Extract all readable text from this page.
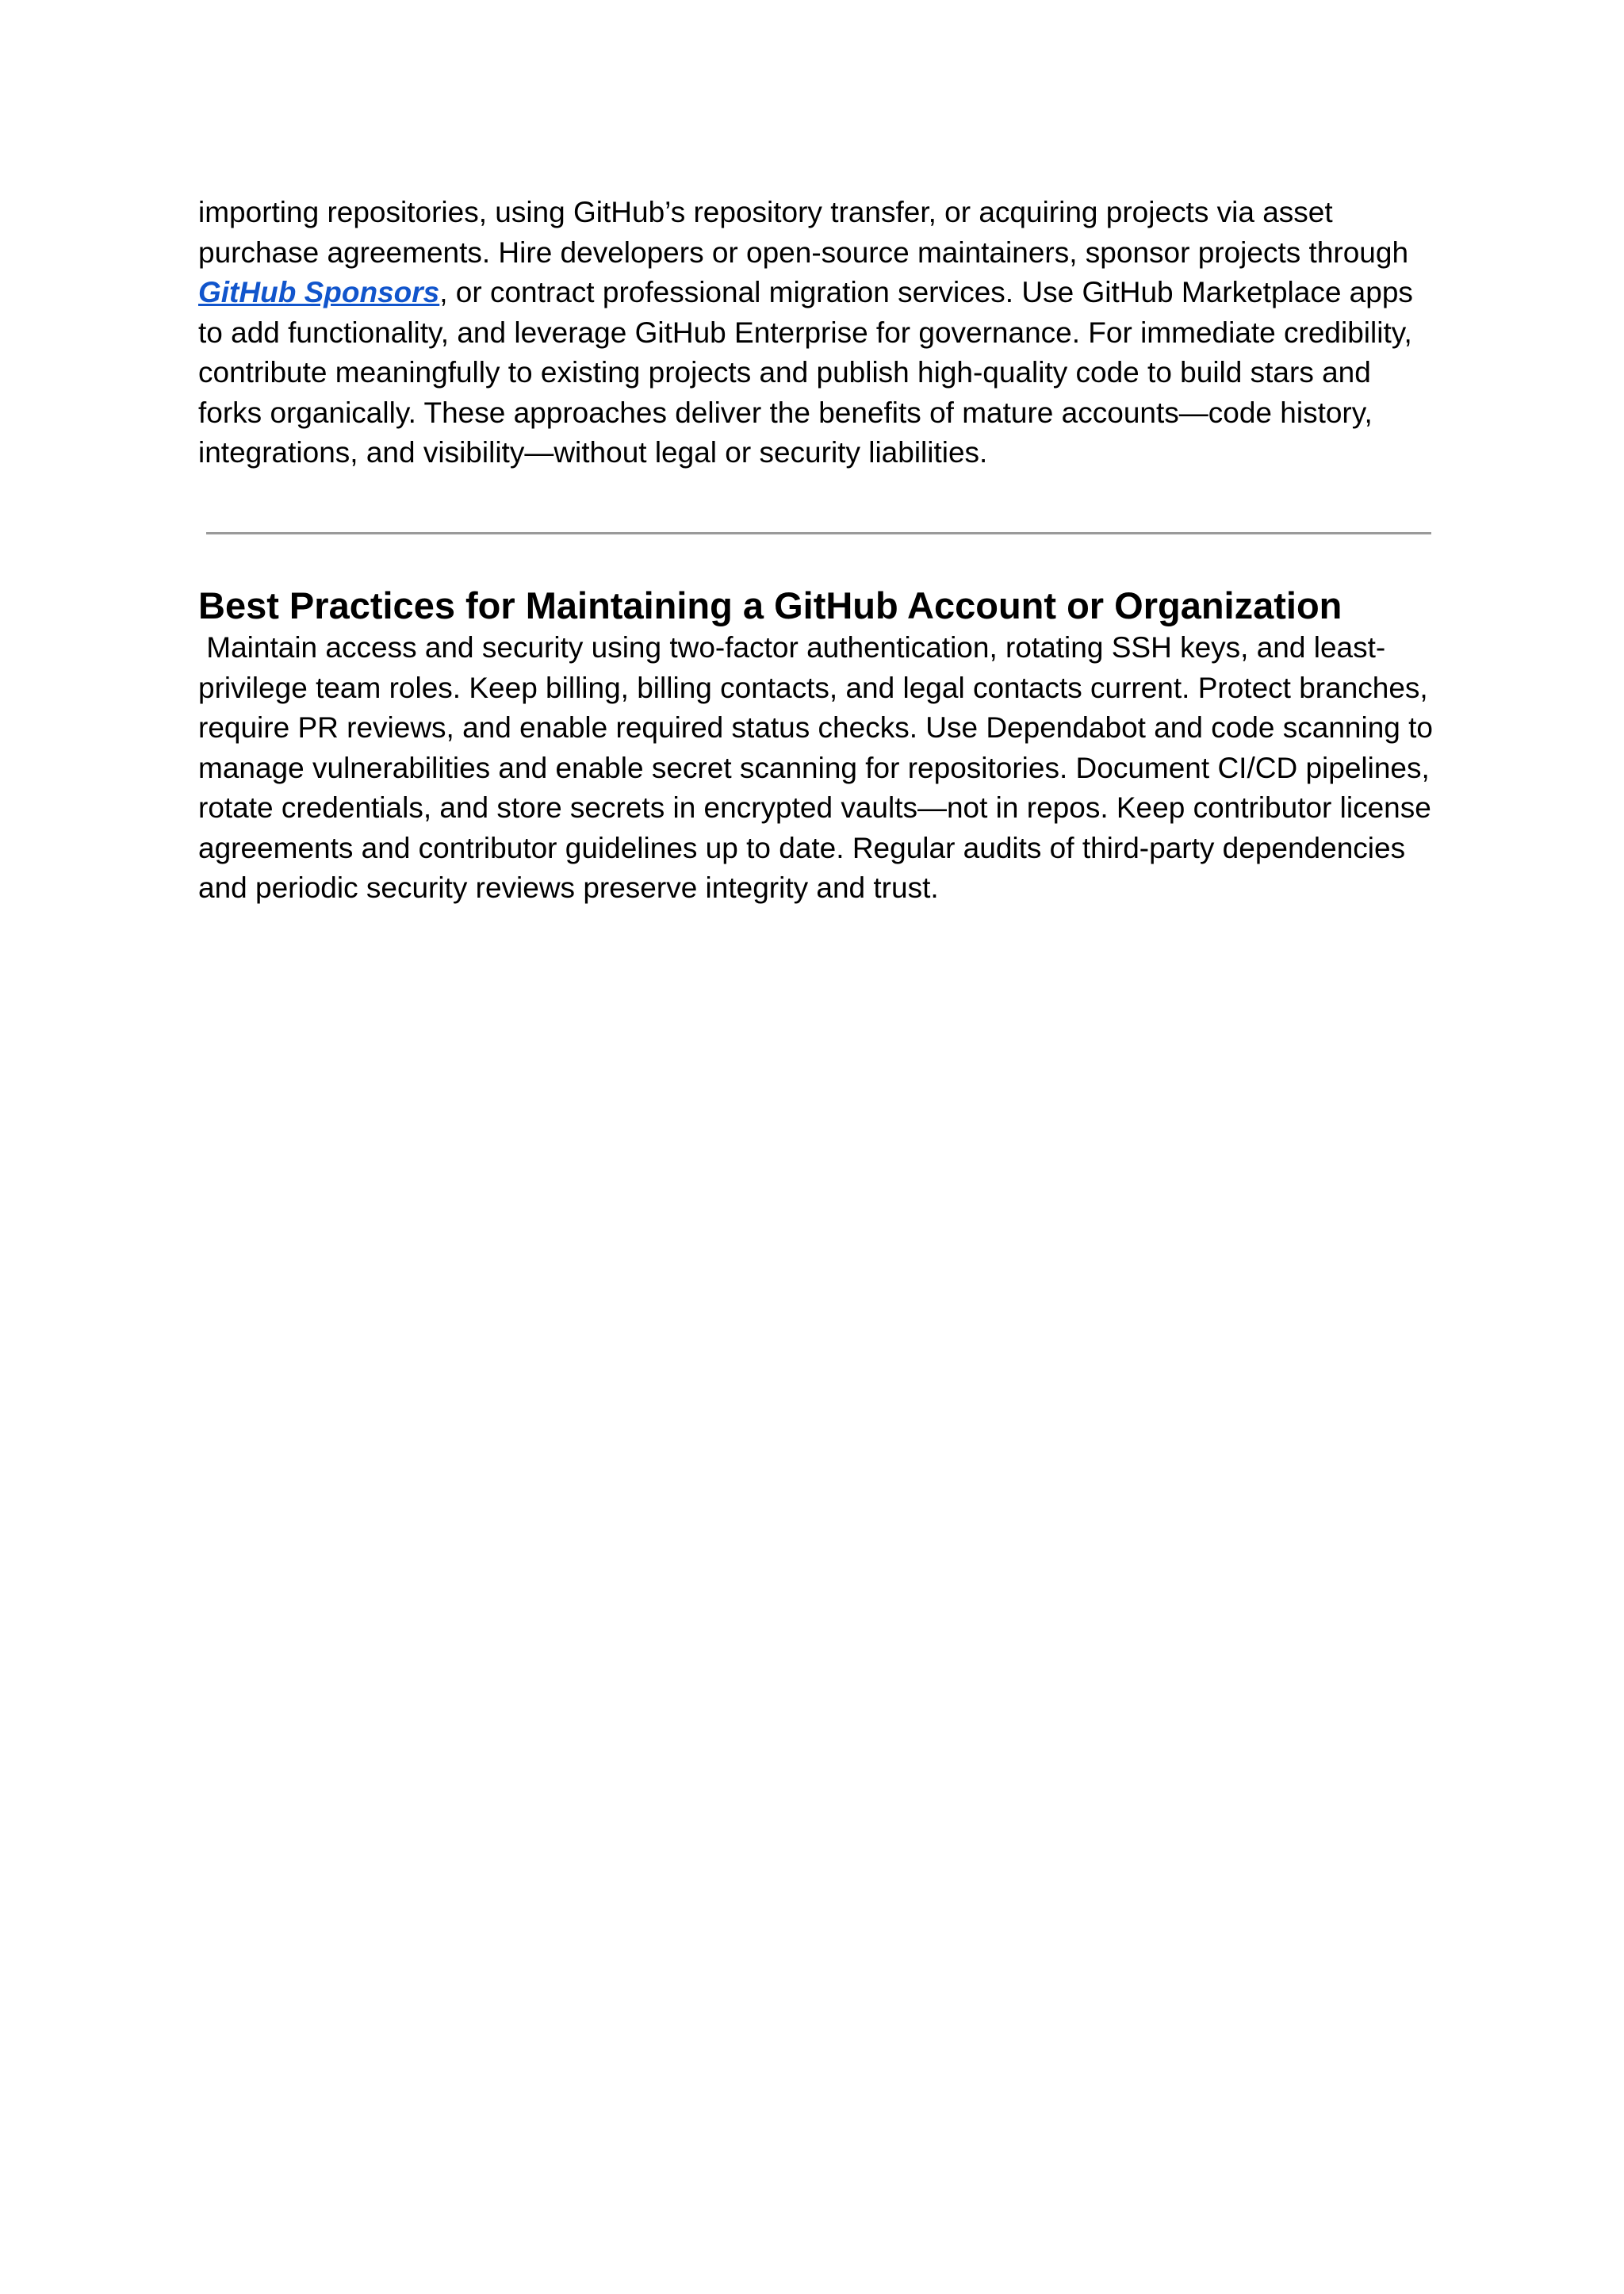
importing repositories, using GitHub’s repository transfer, or acquiring projects via asset purchase agreements. Hire developers or open-source maintainers, sponsor projects through GitHub Sponsors, or contract professional migration services. Use GitHub Marketplace apps to add functionality, and leverage GitHub Enterprise for governance. For immediate credibility, contribute meaningfully to existing projects and publish high-quality code to build stars and forks organically. These approaches deliver the benefits of mature accounts—code history, integrations, and visibility—without legal or security liabilities.

Best Practices for Maintaining a GitHub Account or Organization

Maintain access and security using two-factor authentication, rotating SSH keys, and least-privilege team roles. Keep billing, billing contacts, and legal contacts current. Protect branches, require PR reviews, and enable required status checks. Use Dependabot and code scanning to manage vulnerabilities and enable secret scanning for repositories. Document CI/CD pipelines, rotate credentials, and store secrets in encrypted vaults—not in repos. Keep contributor license agreements and contributor guidelines up to date. Regular audits of third-party dependencies and periodic security reviews preserve integrity and trust.
